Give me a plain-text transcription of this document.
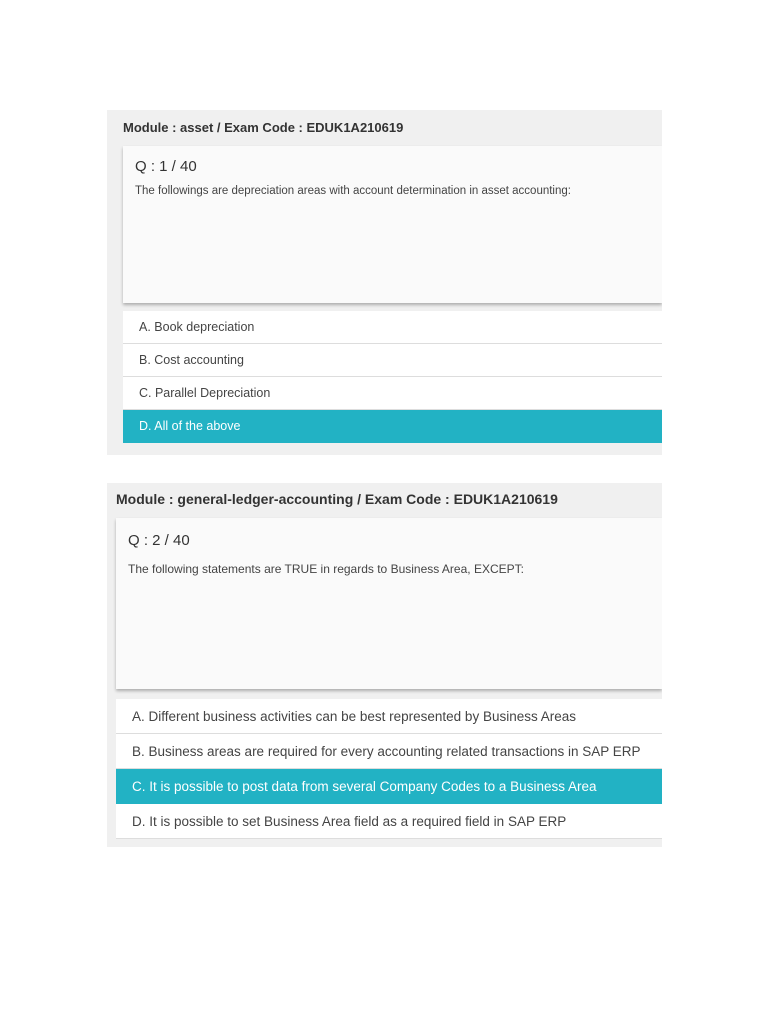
Module : asset / Exam Code : EDUK1A210619
Q : 1 / 40
The followings are depreciation areas with account determination in asset accounting:
A. Book depreciation
B. Cost accounting
C. Parallel Depreciation
D. All of the above
Module : general-ledger-accounting / Exam Code : EDUK1A210619
Q : 2 / 40
The following statements are TRUE in regards to Business Area, EXCEPT:
A. Different business activities can be best represented by Business Areas
B. Business areas are required for every accounting related transactions in SAP ERP
C. It is possible to post data from several Company Codes to a Business Area
D. It is possible to set Business Area field as a required field in SAP ERP
